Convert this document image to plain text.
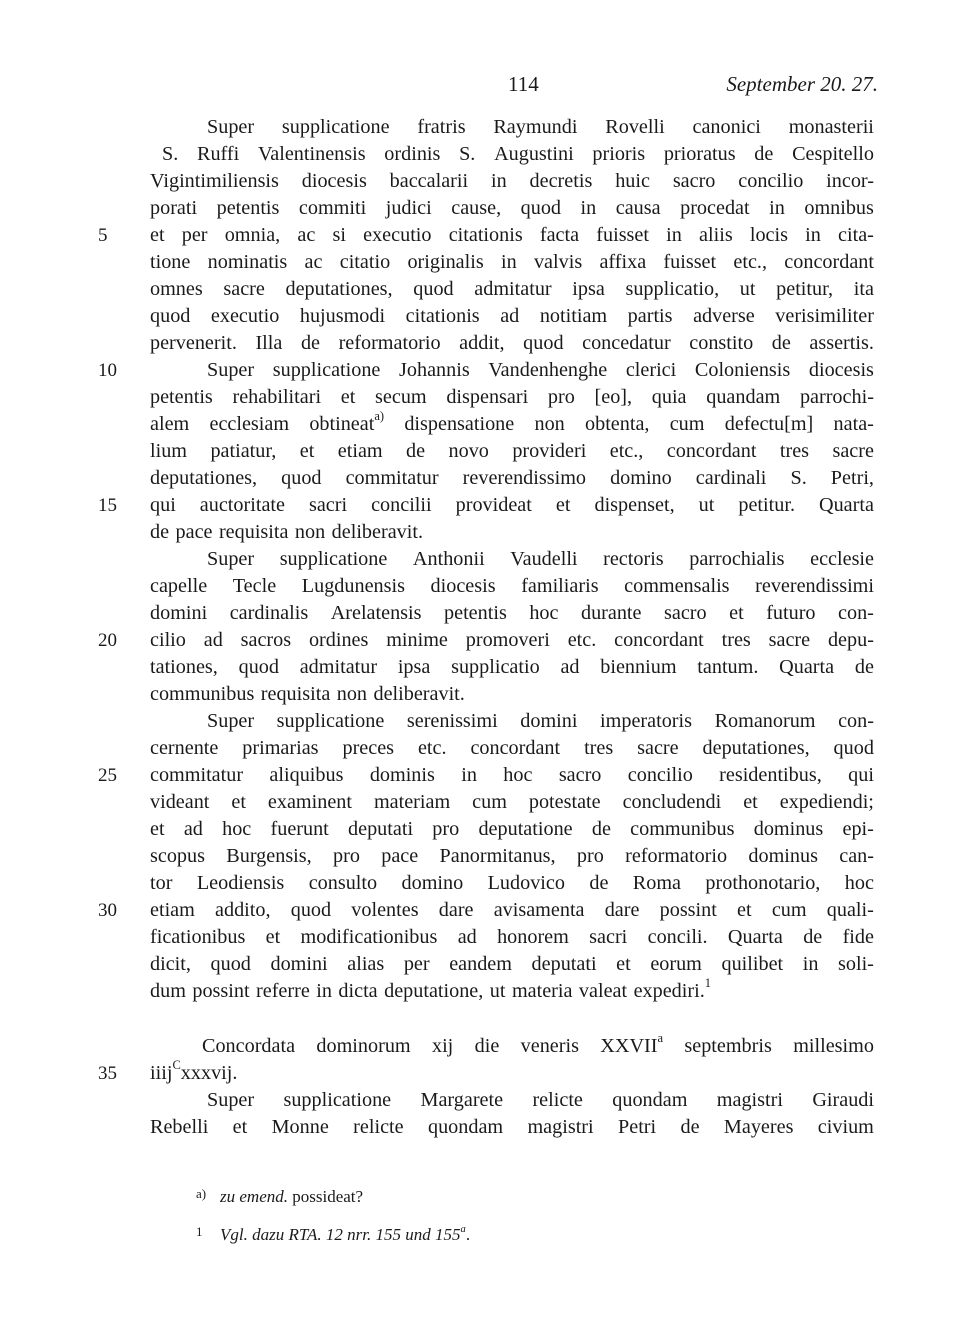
114	September 20. 27.
Super supplicatione fratris Raymundi Rovelli canonici monasterii
S. Ruffi Valentinensis ordinis S. Augustini prioris prioratus de Cespitello
Vigintimiliensis diocesis baccalarii in decretis huic sacro concilio incor-
porati petentis commiti judici cause, quod in causa procedat in omnibus
5	et per omnia, ac si executio citationis facta fuisset in aliis locis in cita-
tione nominatis ac citatio originalis in valvis affixa fuisset etc., concordant
omnes sacre deputationes, quod admitatur ipsa supplicatio, ut petitur, ita
quod executio hujusmodi citationis ad notitiam partis adverse verisimiliter
pervenerit. Illa de reformatorio addit, quod concedatur constito de assertis.
10	Super supplicatione Johannis Vandenhenghe clerici Coloniensis diocesis
petentis rehabilitari et secum dispensari pro [eo], quia quandam parrochi-
alem ecclesiam obtineat$^{a)}$ dispensatione non obtenta, cum defectu[m] nata-
lium patiatur, et etiam de novo provideri etc., concordant tres sacre
deputationes, quod commitatur reverendissimo domino cardinali S. Petri,
15	qui auctoritate sacri concilii provideat et dispenset, ut petitur. Quarta
de pace requisita non deliberavit.
Super supplicatione Anthonii Vaudelli rectoris parrochialis ecclesie
capelle Tecle Lugdunensis diocesis familiaris commensalis reverendissimi
domini cardinalis Arelatensis petentis hoc durante sacro et futuro con-
20	cilio ad sacros ordines minime promoveri etc. concordant tres sacre depu-
tationes, quod admitatur ipsa supplicatio ad biennium tantum. Quarta de
communibus requisita non deliberavit.
Super supplicatione serenissimi domini imperatoris Romanorum con-
cernente primarias preces etc. concordant tres sacre deputationes, quod
25	commitatur aliquibus dominis in hoc sacro concilio residentibus, qui
videant et examinent materiam cum potestate concludendi et expediendi;
et ad hoc fuerunt deputati pro deputatione de communibus dominus epi-
scopus Burgensis, pro pace Panormitanus, pro reformatorio dominus can-
tor Leodiensis consulto domino Ludovico de Roma prothonotario, hoc
30	etiam addito, quod volentes dare avisamenta dare possint et cum quali-
ficationibus et modificationibus ad honorem sacri concili. Quarta de fide
dicit, quod domini alias per eandem deputati et eorum quilibet in soli-
dum possint referre in dicta deputatione, ut materia valeat expediri.$^1$
Concordata dominorum xij die veneris XXVII$^a$ septembris millesimo
35	iiij$^C$xxxvij.
Super supplicatione Margarete relicte quondam magistri Giraudi
Rebelli et Monne relicte quondam magistri Petri de Mayeres civium
a) zu emend. possideat?
1 Vgl. dazu RTA. 12 nrr. 155 und 155$^a$.
